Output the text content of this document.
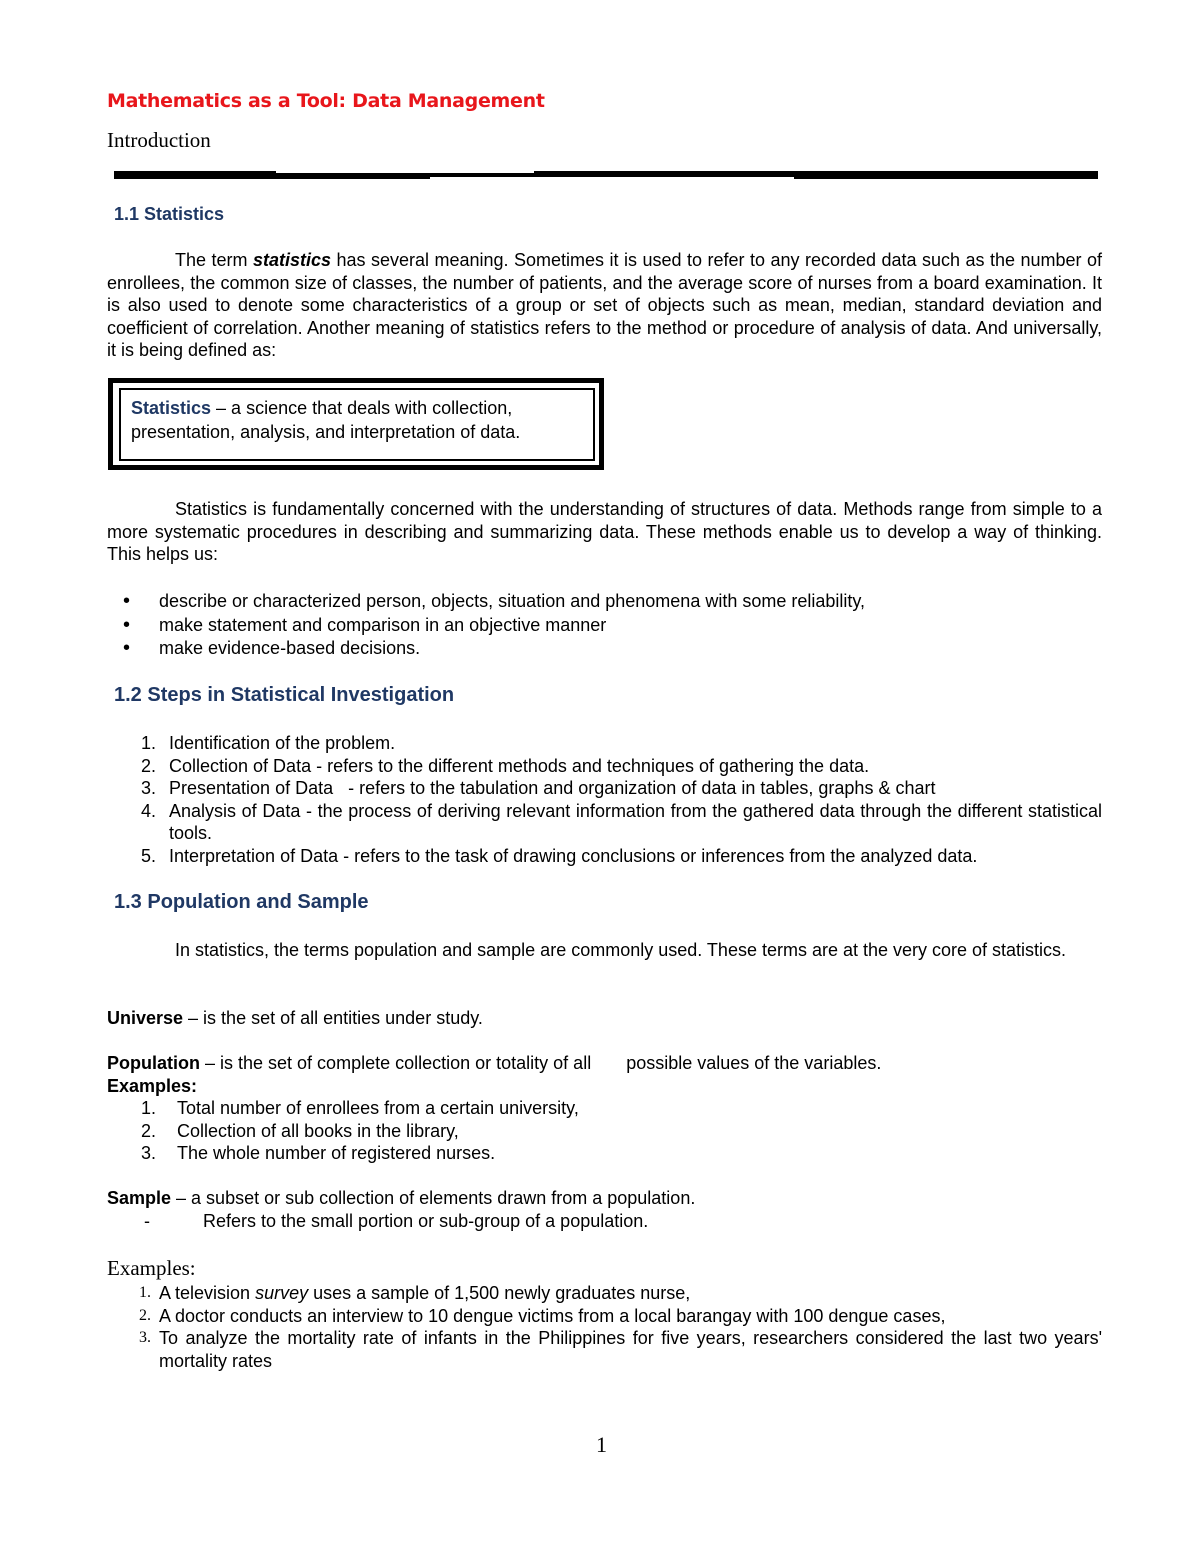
Mathematics as a Tool: Data Management
Introduction
1.1 Statistics
The term statistics has several meaning. Sometimes it is used to refer to any recorded data such as the number of enrollees, the common size of classes, the number of patients, and the average score of nurses from a board examination. It is also used to denote some characteristics of a group or set of objects such as mean, median, standard deviation and coefficient of correlation. Another meaning of statistics refers to the method or procedure of analysis of data. And universally, it is being defined as:
Statistics – a science that deals with collection, presentation, analysis, and interpretation of data.
Statistics is fundamentally concerned with the understanding of structures of data. Methods range from simple to a more systematic procedures in describing and summarizing data. These methods enable us to develop a way of thinking. This helps us:
• describe or characterized person, objects, situation and phenomena with some reliability,
• make statement and comparison in an objective manner
• make evidence-based decisions.
1.2 Steps in Statistical Investigation
1. Identification of the problem.
2. Collection of Data - refers to the different methods and techniques of gathering the data.
3. Presentation of Data   - refers to the tabulation and organization of data in tables, graphs & chart
4. Analysis of Data - the process of deriving relevant information from the gathered data through the different statistical tools.
5. Interpretation of Data - refers to the task of drawing conclusions or inferences from the analyzed data.
1.3 Population and Sample
In statistics, the terms population and sample are commonly used. These terms are at the very core of statistics.
Universe – is the set of all entities under study.
Population – is the set of complete collection or totality of all       possible values of the variables.
Examples:
1. Total number of enrollees from a certain university,
2. Collection of all books in the library,
3. The whole number of registered nurses.
Sample – a subset or sub collection of elements drawn from a population.
-	Refers to the small portion or sub-group of a population.
Examples:
1. A television survey uses a sample of 1,500 newly graduates nurse,
2. A doctor conducts an interview to 10 dengue victims from a local barangay with 100 dengue cases,
3. To analyze the mortality rate of infants in the Philippines for five years, researchers considered the last two years' mortality rates
1
